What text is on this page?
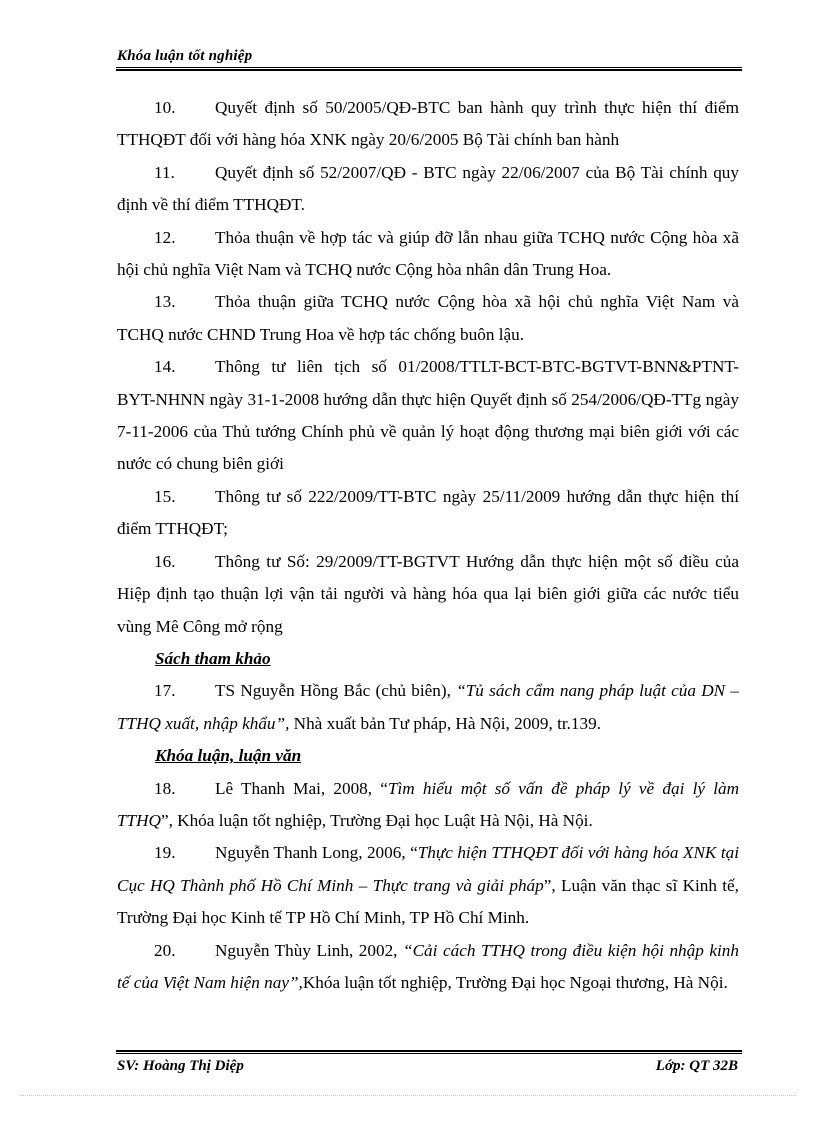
Khóa luận tốt nghiệp

10. Quyết định số 50/2005/QĐ-BTC ban hành quy trình thực hiện thí điểm TTHQĐT đối với hàng hóa XNK ngày 20/6/2005 Bộ Tài chính ban hành

11. Quyết định số 52/2007/QĐ - BTC ngày 22/06/2007 của Bộ Tài chính quy định về thí điểm TTHQĐT.

12. Thỏa thuận về hợp tác và giúp đỡ lẫn nhau giữa TCHQ nước Cộng hòa xã hội chủ nghĩa Việt Nam và TCHQ nước Cộng hòa nhân dân Trung Hoa.

13. Thỏa thuận giữa TCHQ nước Cộng hòa xã hội chủ nghĩa Việt Nam và TCHQ nước CHND Trung Hoa về hợp tác chống buôn lậu.

14. Thông tư liên tịch số 01/2008/TTLT-BCT-BTC-BGTVT-BNN&PTNT-BYT-NHNN ngày 31-1-2008 hướng dẫn thực hiện Quyết định số 254/2006/QĐ-TTg ngày 7-11-2006 của Thủ tướng Chính phủ về quản lý hoạt động thương mại biên giới với các nước có chung biên giới

15. Thông tư số 222/2009/TT-BTC ngày 25/11/2009 hướng dẫn thực hiện thí điểm TTHQĐT;

16. Thông tư Số: 29/2009/TT-BGTVT Hướng dẫn thực hiện một số điều của Hiệp định tạo thuận lợi vận tải người và hàng hóa qua lại biên giới giữa các nước tiểu vùng Mê Công mở rộng

Sách tham khảo

17. TS Nguyễn Hồng Bắc (chủ biên), “Tủ sách cẩm nang pháp luật của DN – TTHQ xuất, nhập khẩu”, Nhà xuất bản Tư pháp, Hà Nội, 2009, tr.139.

Khóa luận, luận văn

18. Lê Thanh Mai, 2008, “Tìm hiểu một số vấn đề pháp lý về đại lý làm TTHQ”, Khóa luận tốt nghiệp, Trường Đại học Luật Hà Nội, Hà Nội.

19. Nguyễn Thanh Long, 2006, “Thực hiện TTHQĐT đối với hàng hóa XNK tại Cục HQ Thành phố Hồ Chí Minh – Thực trang và giải pháp”, Luận văn thạc sĩ Kinh tế, Trường Đại học Kinh tế TP Hồ Chí Minh, TP Hồ Chí Minh.

20. Nguyễn Thùy Linh, 2002, “Cải cách TTHQ trong điều kiện hội nhập kinh tế của Việt Nam hiện nay”,Khóa luận tốt nghiệp, Trường Đại học Ngoại thương, Hà Nội.

SV: Hoàng Thị Diệp	Lớp: QT 32B
